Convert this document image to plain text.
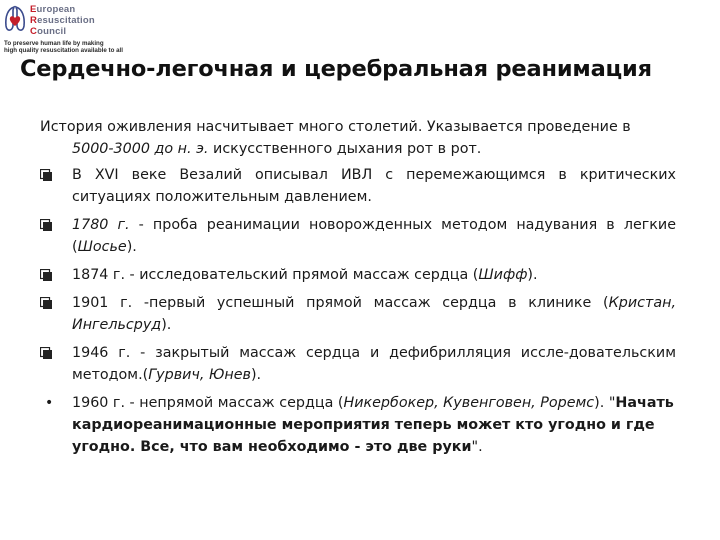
European
Resuscitation
Council
To preserve human life by making
high quality resuscitation available to all
Сердечно-легочная и церебральная реанимация

История оживления насчитывает много столетий. Указывается проведение в 5000-3000 до н. э. искусственного дыхания рот в рот.

В XVI веке Везалий описывал ИВЛ с перемежающимся в критических ситуациях положительным давлением.
1780 г. - проба реанимации новорожденных методом надувания в легкие (Шосье).
1874 г. - исследовательский прямой массаж сердца (Шифф).
1901 г. -первый успешный прямой массаж сердца в клинике (Кристан, Ингельсруд).
1946 г. - закрытый массаж сердца и дефибрилляция иссле-довательским методом.(Гурвич, Юнев).
• 1960 г. - непрямой массаж сердца (Никербокер, Кувенговен, Роремс). "Начать кардиореанимационные мероприятия теперь может кто угодно и где угодно. Все, что вам необходимо - это две руки".
